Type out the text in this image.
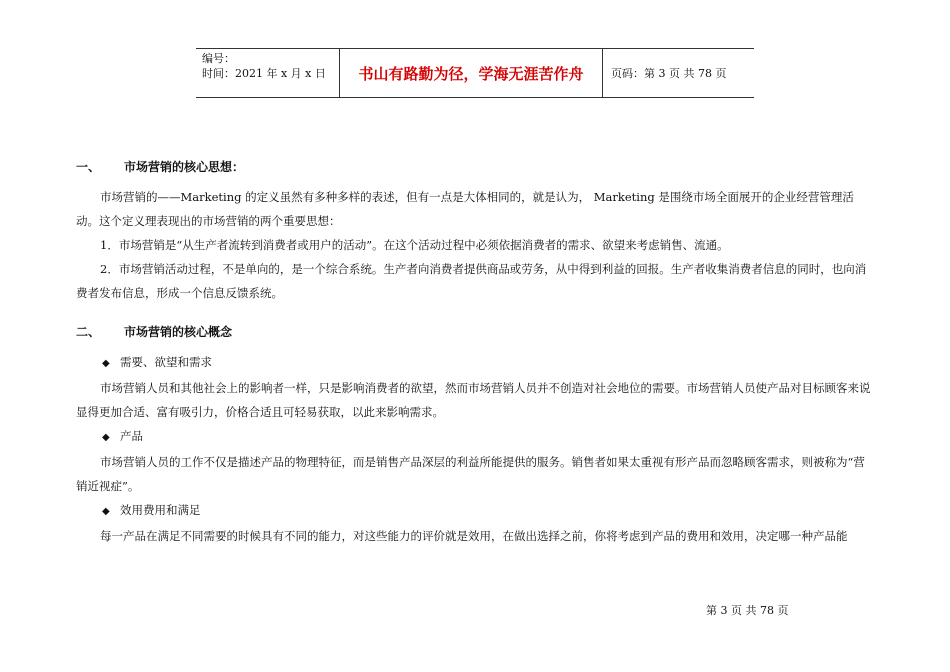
编号：
时间：2021 年 x 月 x 日	书山有路勤为径，学海无涯苦作舟	页码：第 3 页 共 78 页
一、	市场营销的核心思想：

市场营销的——Marketing 的定义虽然有多种多样的表述，但有一点是大体相同的，就是认为， Marketing 是围绕市场全面展开的企业经营管理活动。这个定义理表现出的市场营销的两个重要思想：

1．市场营销是“从生产者流转到消费者或用户的活动”。在这个活动过程中必须依据消费者的需求、欲望来考虑销售、流通。

2．市场营销活动过程，不是单向的，是一个综合系统。生产者向消费者提供商品或劳务，从中得到利益的回报。生产者收集消费者信息的同时，也向消费者发布信息，形成一个信息反馈系统。

二、	市场营销的核心概念

◆ 需要、欲望和需求

市场营销人员和其他社会上的影响者一样，只是影响消费者的欲望，然而市场营销人员并不创造对社会地位的需要。市场营销人员使产品对目标顾客来说显得更加合适、富有吸引力，价格合适且可轻易获取，以此来影响需求。

◆ 产品

市场营销人员的工作不仅是描述产品的物理特征，而是销售产品深层的利益所能提供的服务。销售者如果太重视有形产品而忽略顾客需求，则被称为“营销近视症”。

◆ 效用费用和满足

每一产品在满足不同需要的时候具有不同的能力，对这些能力的评价就是效用，在做出选择之前，你将考虑到产品的费用和效用，决定哪一种产品能

第 3 页 共 78 页
